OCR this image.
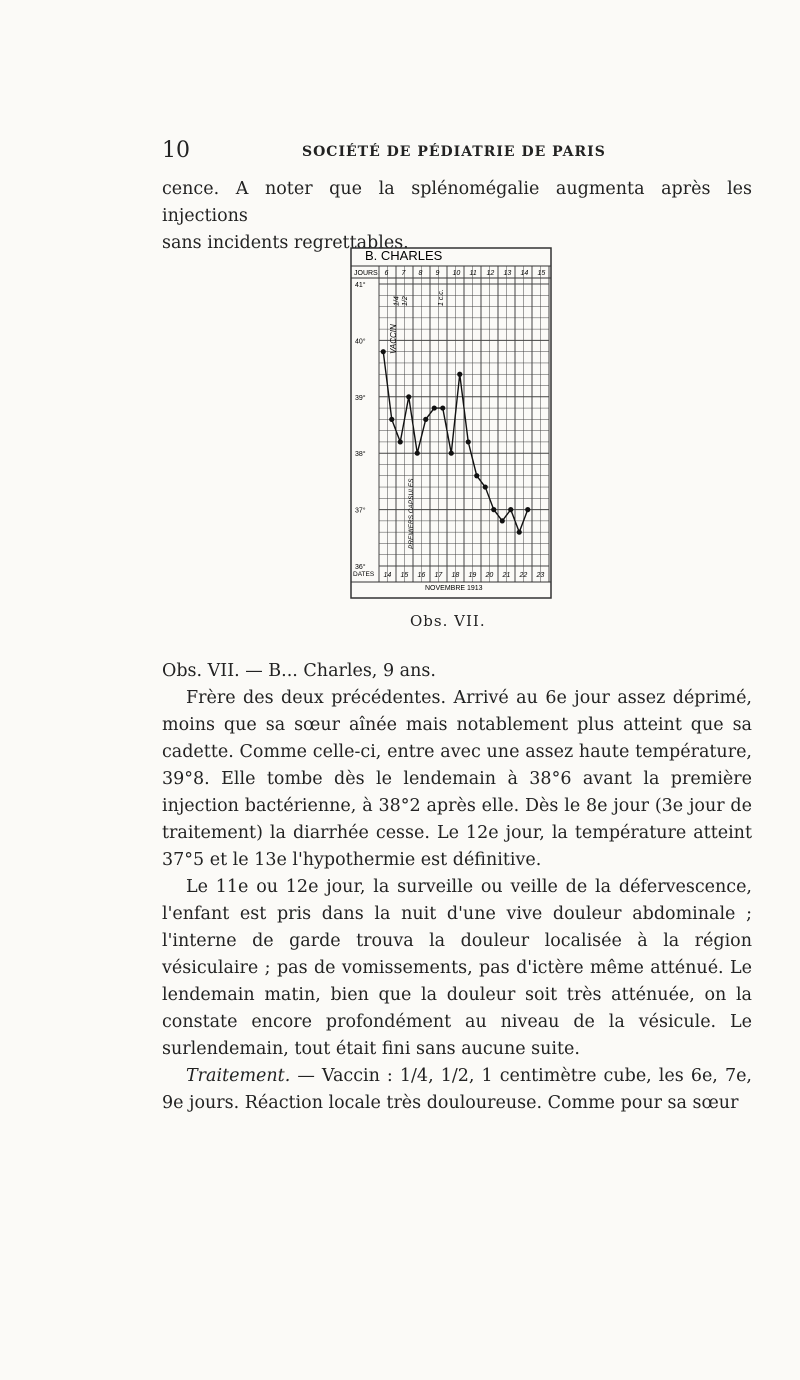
10	SOCIÉTÉ DE PÉDIATRIE DE PARIS

cence. A noter que la splénomégalie augmenta après les injections

sans incidents regrettables.

B. CHARLES
JOURS:
41°
40°
39°
38°
37°
36°
6 7 8 9 10 11 12 13 14 15
14 15 16 17 18 19 20 21 22 23
VACCIN
1/4 1/2	1 c.c.
PREMIERS CAPSULES
DATES
NOVEMBRE 1913
Obs. VII.

Obs. VII. — B... Charles, 9 ans.

Frère des deux précédentes. Arrivé au 6e jour assez déprimé, moins que sa sœur aînée mais notablement plus atteint que sa cadette. Comme celle-ci, entre avec une assez haute température, 39°8. Elle tombe dès le lendemain à 38°6 avant la première injection bactérienne, à 38°2 après elle. Dès le 8e jour (3e jour de traitement) la diarrhée cesse. Le 12e jour, la température atteint 37°5 et le 13e l'hypothermie est définitive.

Le 11e ou 12e jour, la surveille ou veille de la défervescence, l'enfant est pris dans la nuit d'une vive douleur abdominale ; l'interne de garde trouva la douleur localisée à la région vésiculaire ; pas de vomissements, pas d'ictère même atténué. Le lendemain matin, bien que la douleur soit très atténuée, on la constate encore profondément au niveau de la vésicule. Le surlendemain, tout était fini sans aucune suite.

Traitement. — Vaccin : 1/4, 1/2, 1 centimètre cube, les 6e, 7e, 9e jours. Réaction locale très douloureuse. Comme pour sa sœur
